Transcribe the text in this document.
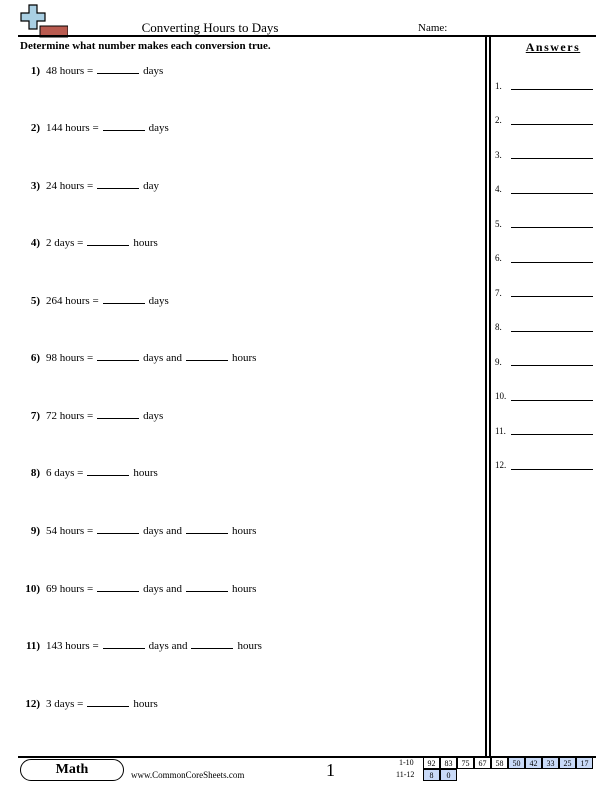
Converting Hours to Days	Name:
Determine what number makes each conversion true.
1) 48 hours =	days
2) 144 hours =	days
3) 24 hours =	day
4) 2 days =	hours
5) 264 hours =	days
6) 98 hours =	days and	hours
7) 72 hours =	days
8) 6 days =	hours
9) 54 hours =	days and	hours
10) 69 hours =	days and	hours
11) 143 hours =	days and	hours
12) 3 days =	hours
Answers
1.
2.
3.
4.
5.
6.
7.
8.
9.
10.
11.
12.
Math	www.CommonCoreSheets.com	1	1-10
11-12
92	83	75	67	58	50	42	33	25	17
8	0
